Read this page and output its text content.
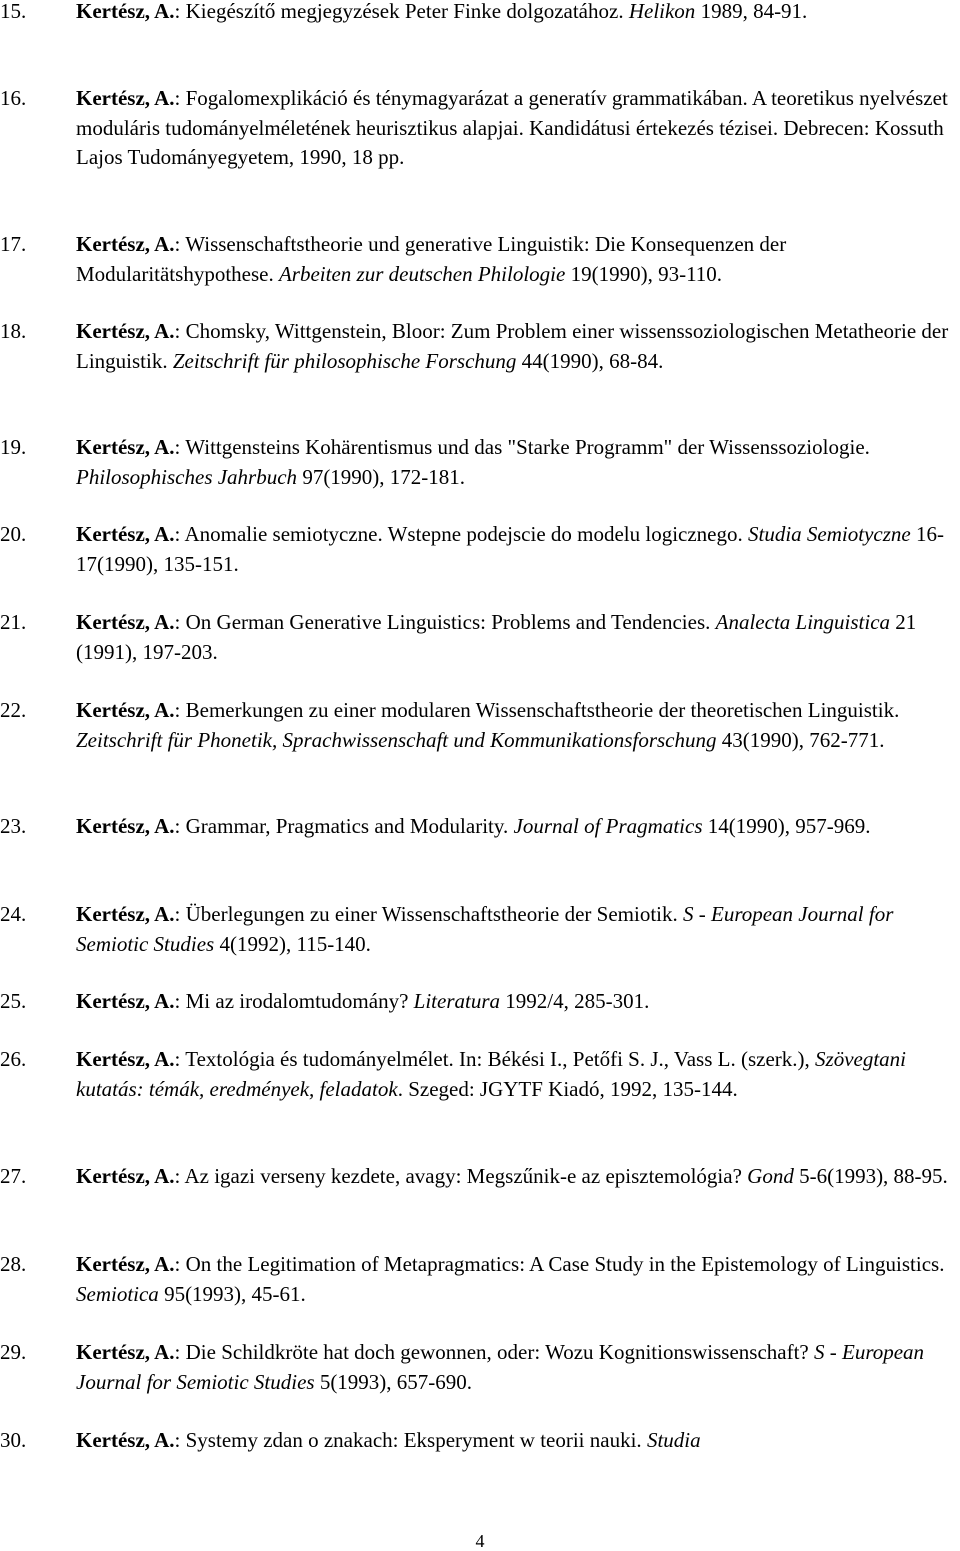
15.	Kertész, A.: Kiegészítő megjegyzések Peter Finke dolgozatához. Helikon 1989, 84-91.
16.	Kertész, A.: Fogalomexplikáció és ténymagyarázat a generatív grammatikában. A teoretikus nyelvészet moduláris tudományelméletének heurisztikus alapjai. Kandidátusi értekezés tézisei. Debrecen: Kossuth Lajos Tudományegyetem, 1990, 18 pp.
17.	Kertész, A.: Wissenschaftstheorie und generative Linguistik: Die Konsequenzen der Modularitätshypothese. Arbeiten zur deutschen Philologie 19(1990), 93-110.
18.	Kertész, A.: Chomsky, Wittgenstein, Bloor: Zum Problem einer wissenssoziologischen Metatheorie der Linguistik. Zeitschrift für philosophische Forschung 44(1990), 68-84.
19.	Kertész, A.: Wittgensteins Kohärentismus und das "Starke Programm" der Wissenssoziologie. Philosophisches Jahrbuch 97(1990), 172-181.
20.	Kertész, A.: Anomalie semiotyczne. Wstepne podejscie do modelu logicznego. Studia Semiotyczne 16-17(1990), 135-151.
21.	Kertész, A.: On German Generative Linguistics: Problems and Tendencies. Analecta Linguistica 21 (1991), 197-203.
22.	Kertész, A.: Bemerkungen zu einer modularen Wissenschaftstheorie der theoretischen Linguistik. Zeitschrift für Phonetik, Sprachwissenschaft und Kommunikationsforschung 43(1990), 762-771.
23.	Kertész, A.: Grammar, Pragmatics and Modularity. Journal of Pragmatics 14(1990), 957-969.
24.	Kertész, A.: Überlegungen zu einer Wissenschaftstheorie der Semiotik. S - European Journal for Semiotic Studies 4(1992), 115-140.
25.	Kertész, A.: Mi az irodalomtudomány? Literatura 1992/4, 285-301.
26.	Kertész, A.: Textológia és tudományelmélet. In: Békési I., Petőfi S. J., Vass L. (szerk.), Szövegtani kutatás: témák, eredmények, feladatok. Szeged: JGYTF Kiadó, 1992, 135-144.
27.	Kertész, A.: Az igazi verseny kezdete, avagy: Megszűnik-e az episztemológia? Gond 5-6(1993), 88-95.
28.	Kertész, A.: On the Legitimation of Metapragmatics: A Case Study in the Epistemology of Linguistics. Semiotica 95(1993), 45-61.
29.	Kertész, A.: Die Schildkröte hat doch gewonnen, oder: Wozu Kognitionswissenschaft? S - European Journal for Semiotic Studies 5(1993), 657-690.
30.	Kertész, A.: Systemy zdan o znakach: Eksperyment w teorii nauki. Studia
4
